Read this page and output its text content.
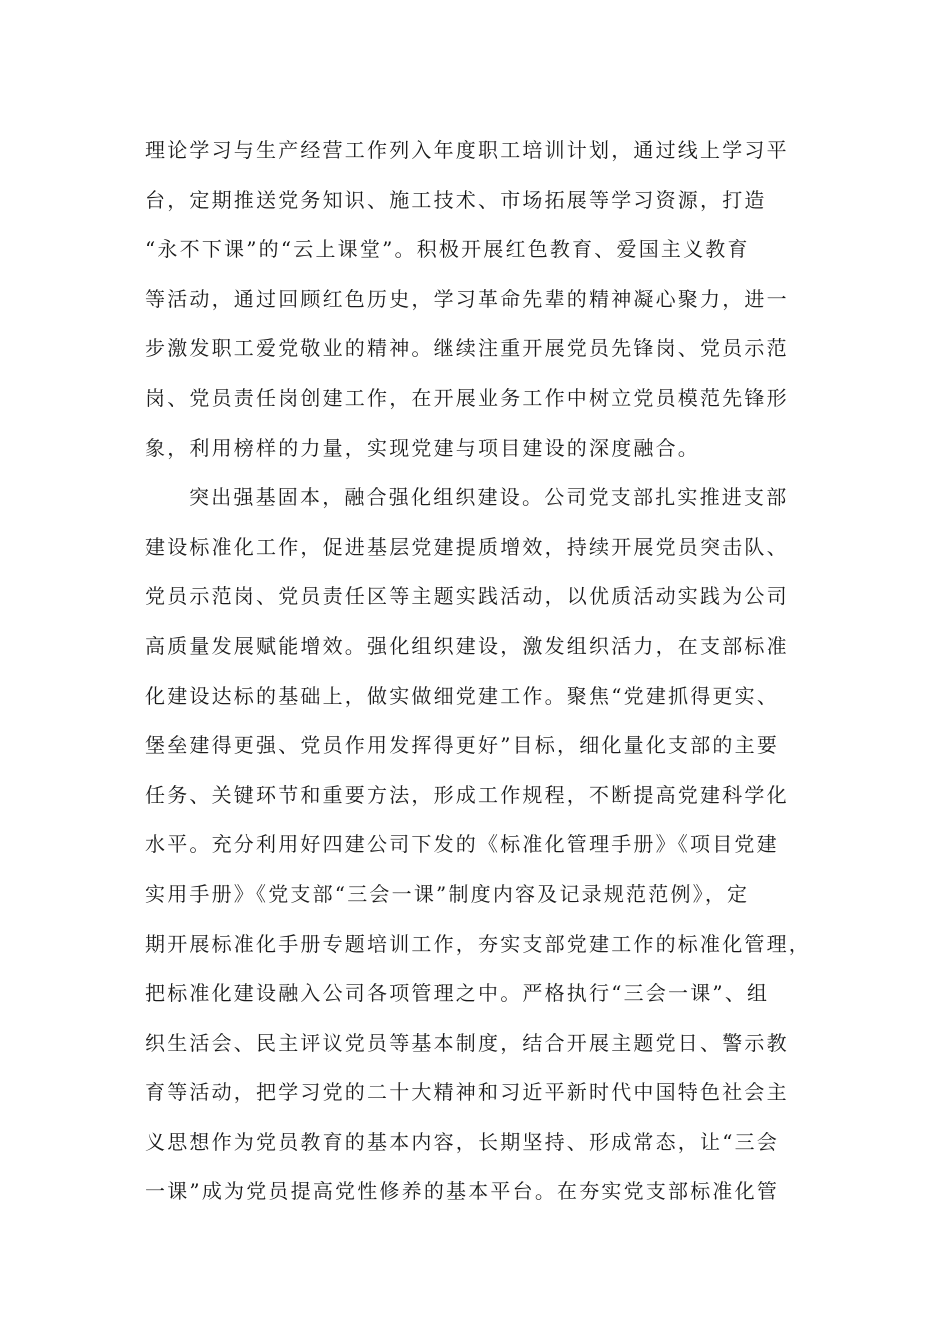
理论学习与生产经营工作列入年度职工培训计划，通过线上学习平
台，定期推送党务知识、施工技术、市场拓展等学习资源，打造
“永不下课”的“云上课堂”。积极开展红色教育、爱国主义教育
等活动，通过回顾红色历史，学习革命先辈的精神凝心聚力，进一
步激发职工爱党敬业的精神。继续注重开展党员先锋岗、党员示范
岗、党员责任岗创建工作，在开展业务工作中树立党员模范先锋形
象，利用榜样的力量，实现党建与项目建设的深度融合。
突出强基固本，融合强化组织建设。公司党支部扎实推进支部
建设标准化工作，促进基层党建提质增效，持续开展党员突击队、
党员示范岗、党员责任区等主题实践活动，以优质活动实践为公司
高质量发展赋能增效。强化组织建设，激发组织活力，在支部标准
化建设达标的基础上，做实做细党建工作。聚焦“党建抓得更实、
堡垒建得更强、党员作用发挥得更好”目标，细化量化支部的主要
任务、关键环节和重要方法，形成工作规程，不断提高党建科学化
水平。充分利用好四建公司下发的《标准化管理手册》《项目党建
实用手册》《党支部“三会一课”制度内容及记录规范范例》，定
期开展标准化手册专题培训工作，夯实支部党建工作的标准化管理，
把标准化建设融入公司各项管理之中。严格执行“三会一课”、组
织生活会、民主评议党员等基本制度，结合开展主题党日、警示教
育等活动，把学习党的二十大精神和习近平新时代中国特色社会主
义思想作为党员教育的基本内容，长期坚持、形成常态，让“三会
一课”成为党员提高党性修养的基本平台。在夯实党支部标准化管
